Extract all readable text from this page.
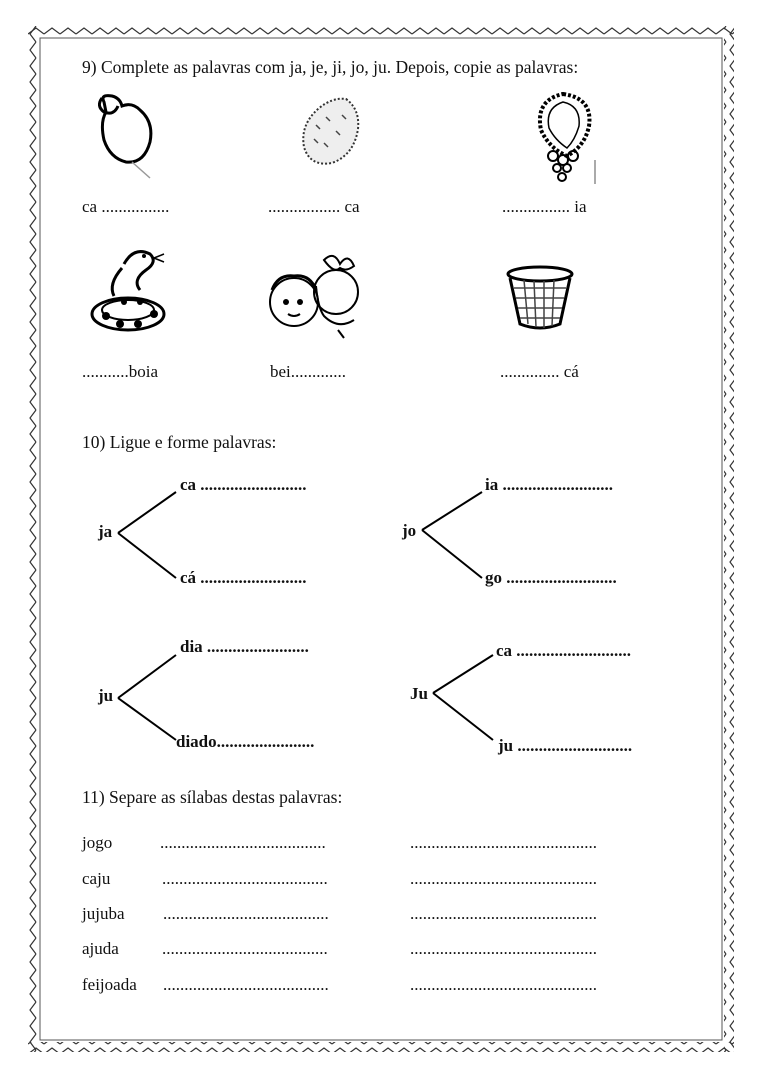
9) Complete as palavras com ja, je, ji, jo, ju. Depois, copie as palavras:
ca ................	................. ca	................ ia
...........boia	bei.............	.............. cá
10) Ligue e forme palavras:
ja
ca .........................
cá .........................
jo
ia ..........................
go ..........................
ju
dia ........................
diado.......................
Ju
ca ...........................
ju ...........................
11) Separe as sílabas destas palavras:
jogo	.......................................	............................................
caju	.......................................	............................................
jujuba .......................................	............................................
ajuda	.......................................	............................................
feijoada .......................................	............................................
